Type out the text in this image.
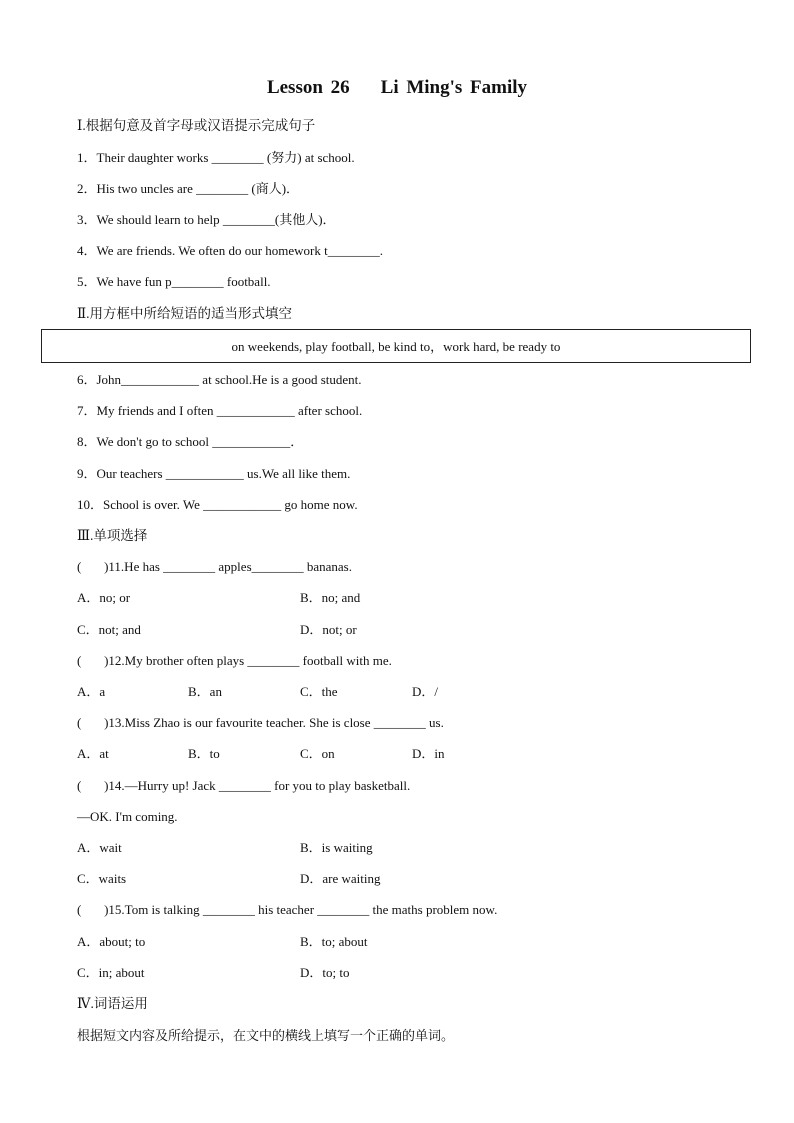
Lesson 26    Li Ming's Family
Ⅰ.根据句意及首字母或汉语提示完成句子
1．Their daughter works ________ (努力) at school.
2．His two uncles are ________ (商人)．
3．We should learn to help ________(其他人)．
4．We are friends. We often do our homework t________.
5．We have fun p________ football.
Ⅱ.用方框中所给短语的适当形式填空
on weekends, play football, be kind to，work hard, be ready to
6．John____________ at school.He is a good student.
7．My friends and I often ____________ after school.
8．We don't go to school ____________．
9．Our teachers ____________ us.We all like them.
10．School is over. We ____________ go home now.
Ⅲ.单项选择
(       )11.He has ________ apples________ bananas.
A．no; or	B．no; and
C．not; and	D．not; or
(       )12.My brother often plays ________ football with me.
A．a	B．an	C．the	D．/
(       )13.Miss Zhao is our favourite teacher. She is close ________ us.
A．at	B．to	C．on	D．in
(       )14.—Hurry up! Jack ________ for you to play basketball.
—OK. I'm coming.
A．wait	B．is waiting
C．waits	D．are waiting
(       )15.Tom is talking ________ his teacher ________ the maths problem now.
A．about; to	B．to; about
C．in; about	D．to; to
Ⅳ.词语运用
根据短文内容及所给提示，在文中的横线上填写一个正确的单词。
